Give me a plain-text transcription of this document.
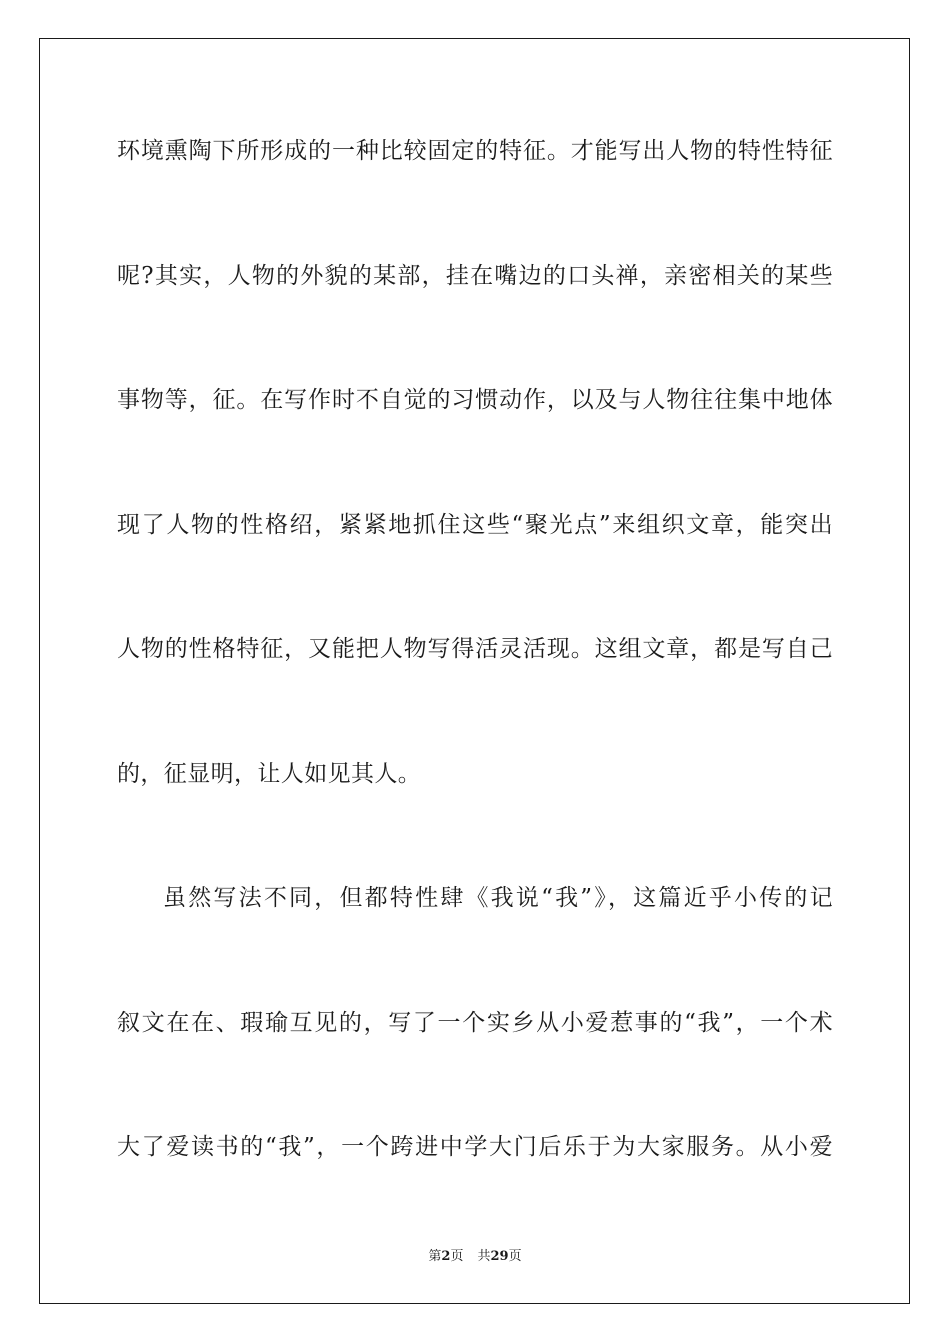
环境熏陶下所形成的一种比较固定的特征。才能写出人物的特性特征
呢?其实，人物的外貌的某部，挂在嘴边的口头禅，亲密相关的某些
事物等，征。在写作时不自觉的习惯动作，以及与人物往往集中地体
现了人物的性格绍，紧紧地抓住这些“聚光点”来组织文章，能突出
人物的性格特征，又能把人物写得活灵活现。这组文章，都是写自己
的，征显明，让人如见其人。
虽然写法不同，但都特性肆《我说“我”》，这篇近乎小传的记
叙文在在、瑕瑜互见的，写了一个实乡从小爱惹事的“我”，一个术
大了爱读书的“我”，一个跨进中学大门后乐于为大家服务。从小爱
第2页 共29页
